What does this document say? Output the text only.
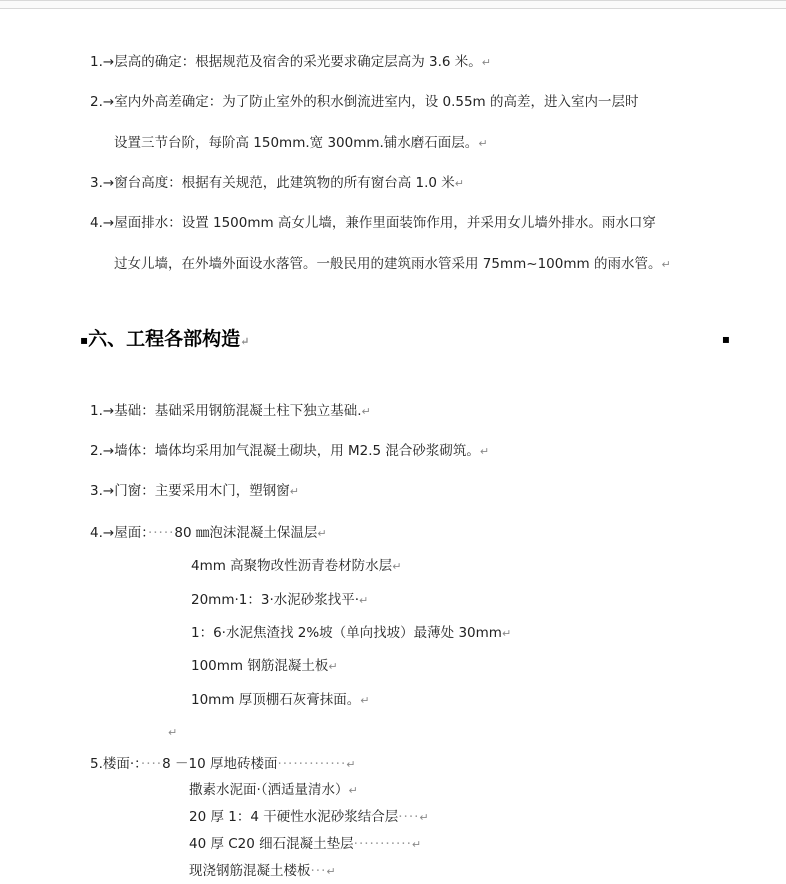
1.→层高的确定：根据规范及宿舍的采光要求确定层高为 3.6 米。↵
2.→室内外高差确定：为了防止室外的积水倒流进室内，设 0.55m 的高差，进入室内一层时
设置三节台阶，每阶高 150mm.宽 300mm.铺水磨石面层。↵
3.→窗台高度：根据有关规范，此建筑物的所有窗台高 1.0 米↵
4.→屋面排水：设置 1500mm 高女儿墙，兼作里面装饰作用，并采用女儿墙外排水。雨水口穿
过女儿墙，在外墙外面设水落管。一般民用的建筑雨水管采用 75mm~100mm 的雨水管。↵
▪六、工程各部构造↵	▪
1.→基础：基础采用钢筋混凝土柱下独立基础.↵
2.→墙体：墙体均采用加气混凝土砌块，用 M2.5 混合砂浆砌筑。↵
3.→门窗：主要采用木门，塑钢窗↵
4.→屋面：·····80 ㎜泡沫混凝土保温层↵
4mm 高聚物改性沥青卷材防水层↵
20mm·1：3·水泥砂浆找平·↵
1：6·水泥焦渣找 2%坡（单向找坡）最薄处 30mm↵
100mm 钢筋混凝土板↵
10mm 厚顶棚石灰膏抹面。↵
↵
5.楼面·：····8 －10 厚地砖楼面·············↵
撒素水泥面·（洒适量清水）↵
20 厚 1：4 干硬性水泥砂浆结合层····↵
40 厚 C20 细石混凝土垫层···········↵
现浇钢筋混凝土楼板···↵
